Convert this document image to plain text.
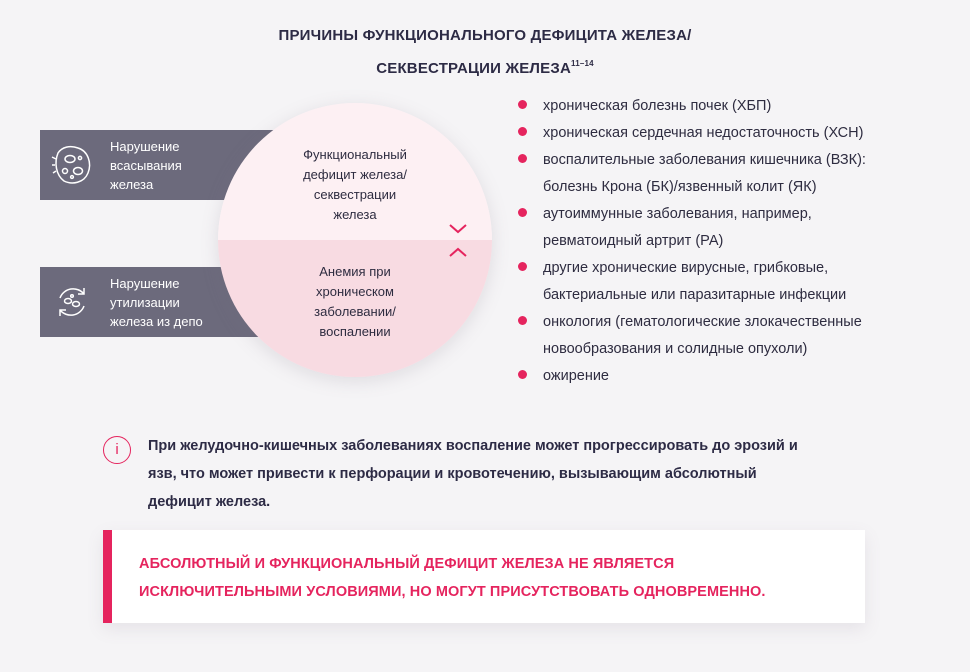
ПРИЧИНЫ ФУНКЦИОНАЛЬНОГО ДЕФИЦИТА ЖЕЛЕЗА/
СЕКВЕСТРАЦИИ ЖЕЛЕЗА$^{11-14}$
Нарушение
всасывания
железа
Нарушение
утилизации
железа из депо
Функциональный
дефицит железа/
секвестрации
железа
Анемия при
хроническом
заболевании/
воспалении
хроническая болезнь почек (ХБП)
хроническая сердечная недостаточность (ХСН)
воспалительные заболевания кишечника (ВЗК):
болезнь Крона (БК)/язвенный колит (ЯК)
аутоиммунные заболевания, например,
ревматоидный артрит (РА)
другие хронические вирусные, грибковые,
бактериальные или паразитарные инфекции
онкология (гематологические злокачественные
новообразования и солидные опухоли)
ожирение
i	При желудочно-кишечных заболеваниях воспаление может прогрессировать до эрозий и
язв, что может привести к перфорации и кровотечению, вызывающим абсолютный
дефицит железа.
АБСОЛЮТНЫЙ И ФУНКЦИОНАЛЬНЫЙ ДЕФИЦИТ ЖЕЛЕЗА НЕ ЯВЛЯЕТСЯ
ИСКЛЮЧИТЕЛЬНЫМИ УСЛОВИЯМИ, НО МОГУТ ПРИСУТСТВОВАТЬ ОДНОВРЕМЕННО.
